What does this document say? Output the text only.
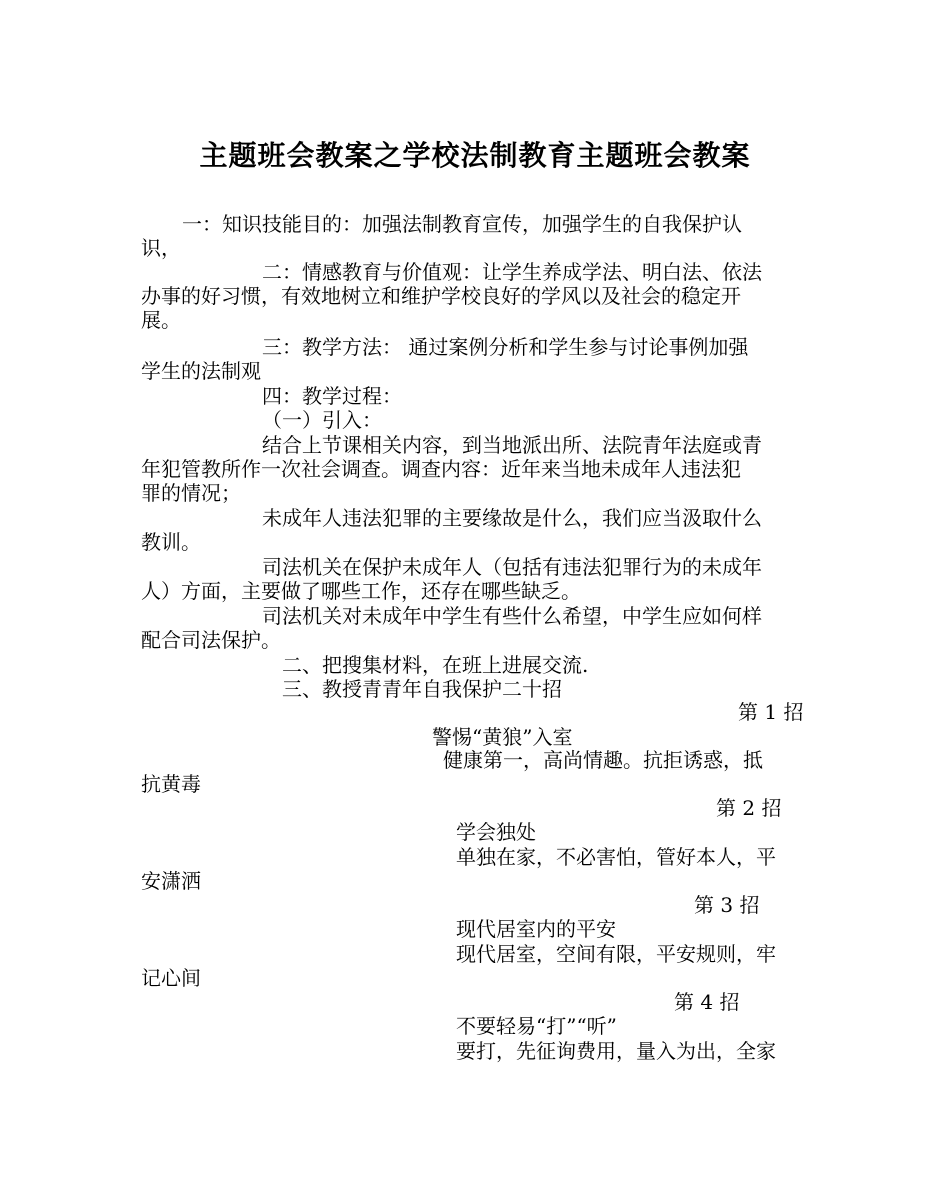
主题班会教案之学校法制教育主题班会教案

一：知识技能目的：加强法制教育宣传，加强学生的自我保护认

识，

二：情感教育与价值观：让学生养成学法、明白法、依法

办事的好习惯，有效地树立和维护学校良好的学风以及社会的稳定开

展。

三：教学方法： 通过案例分析和学生参与讨论事例加强

学生的法制观

四：教学过程：

（一）引入：

结合上节课相关内容，到当地派出所、法院青年法庭或青

年犯管教所作一次社会调查。调查内容：近年来当地未成年人违法犯

罪的情况；

未成年人违法犯罪的主要缘故是什么，我们应当汲取什么

教训。

司法机关在保护未成年人（包括有违法犯罪行为的未成年

人）方面，主要做了哪些工作，还存在哪些缺乏。

司法机关对未成年中学生有些什么希望，中学生应如何样

配合司法保护。

二、把搜集材料，在班上进展交流.

三、教授青青年自我保护二十招

第 1 招

警惕“黄狼”入室

健康第一，高尚情趣。抗拒诱惑，抵

抗黄毒

第 2 招

学会独处

单独在家，不必害怕，管好本人，平

安潇洒

第 3 招

现代居室内的平安

现代居室，空间有限，平安规则，牢

记心间

第 4 招

不要轻易“打”“听”

要打，先征询费用，量入为出，全家
